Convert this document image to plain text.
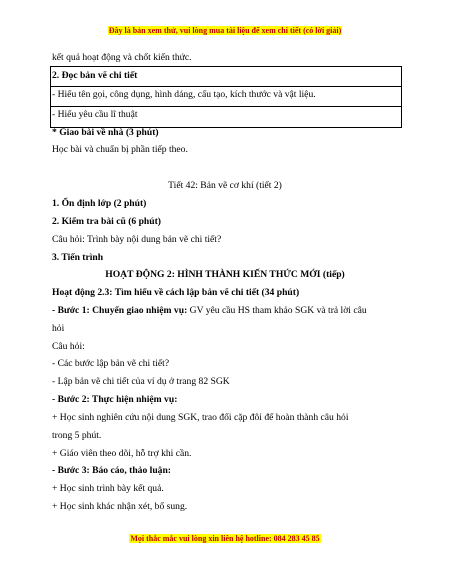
Đây là bản xem thử, vui lòng mua tài liệu để xem chi tiết (có lời giải)
kết quả hoạt động và chốt kiến thức.
2. Đọc bản vẽ chi tiết
- Hiểu tên gọi, công dụng, hình dáng, cấu tạo, kích thước và vật liệu.
- Hiểu yêu cầu lĩ thuật
* Giao bài về nhà (3 phút)
Học bài và chuẩn bị phần tiếp theo.
Tiết 42: Bản vẽ cơ khí (tiết 2)
1. Ổn định lớp (2 phút)
2. Kiểm tra bài cũ (6 phút)
Câu hỏi: Trình bày nội dung bản vẽ chi tiết?
3. Tiến trình
HOẠT ĐỘNG 2: HÌNH THÀNH KIẾN THỨC MỚI (tiếp)
Hoạt động 2.3: Tìm hiểu về cách lập bản vẽ chi tiết (34 phút)
- Bước 1: Chuyển giao nhiệm vụ: GV yêu cầu HS tham khảo SGK và trả lời câu
hỏi
Câu hỏi:
- Các bước lập bản vẽ chi tiết?
- Lập bản vẽ chi tiết của ví dụ ở trang 82 SGK
- Bước 2: Thực hiện nhiệm vụ:
+ Học sinh nghiên cứu nội dung SGK, trao đổi cặp đôi để hoàn thành câu hỏi
trong 5 phút.
+ Giáo viên theo dõi, hỗ trợ khi cần.
- Bước 3: Báo cáo, thảo luận:
+ Học sinh trình bày kết quả.
+ Học sinh khác nhận xét, bổ sung.
Mọi thắc mắc vui lòng xin liên hệ hotline: 084 283 45 85
